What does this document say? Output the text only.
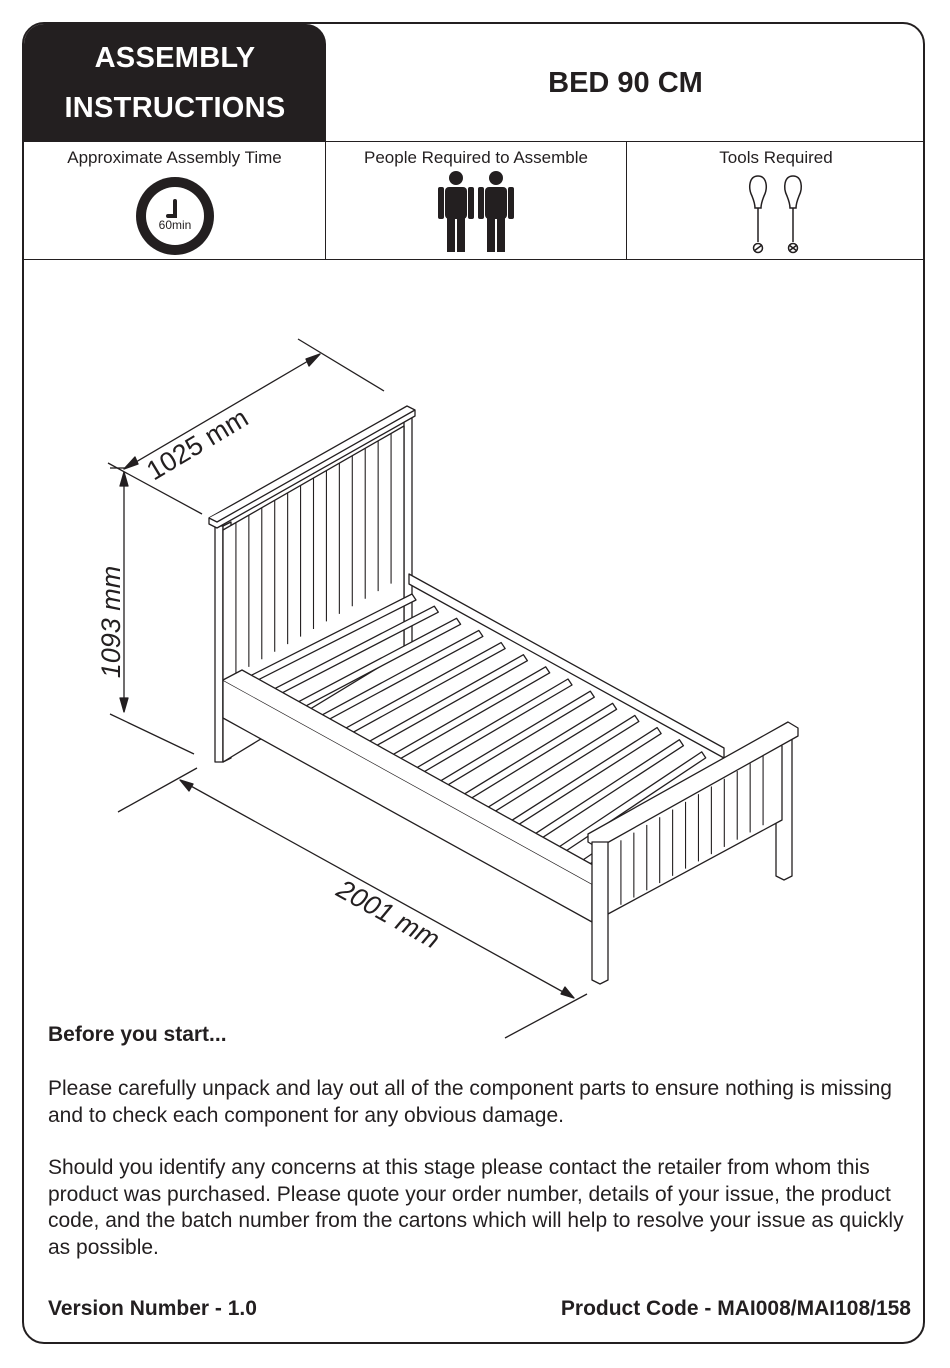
ASSEMBLY
INSTRUCTIONS
BED 90 CM
Approximate Assembly Time
60min
People Required to Assemble	Tools Required
1025 mm
1093 mm
2001 mm
Before you start...
Please carefully unpack and lay out all of the component parts to ensure nothing is missing and to check each component for any obvious damage.
Should you identify any concerns at this stage please contact the retailer from whom this product was purchased. Please quote your order number, details of your issue, the product code, and the batch number from the cartons which will help to resolve your issue as quickly as possible.
Version Number - 1.0	Product Code - MAI008/MAI108/158
